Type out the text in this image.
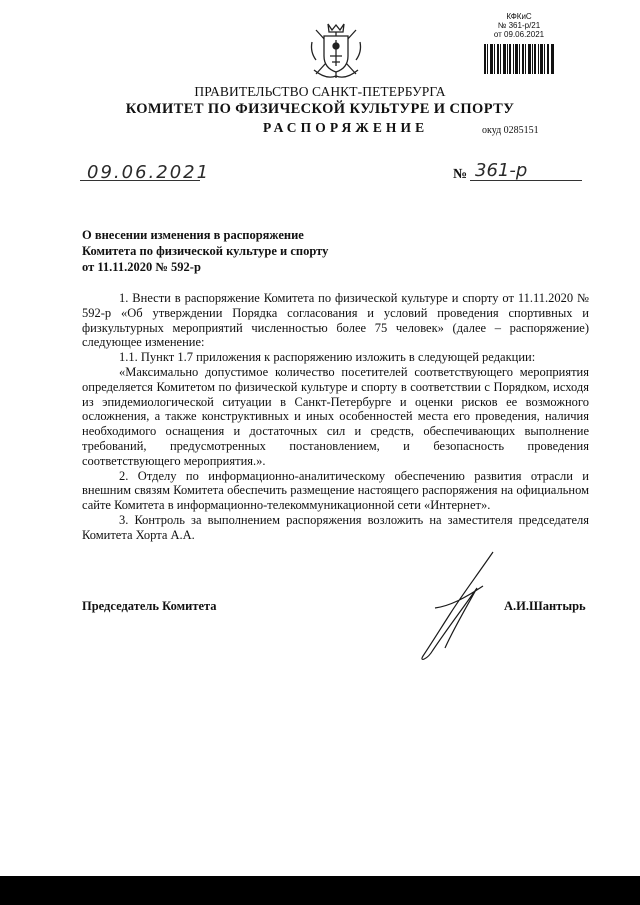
КФКиС
№ 361-р/21
от 09.06.2021
ПРАВИТЕЛЬСТВО САНКТ-ПЕТЕРБУРГА
КОМИТЕТ ПО ФИЗИЧЕСКОЙ КУЛЬТУРЕ И СПОРТУ
РАСПОРЯЖЕНИЕ	окуд 0285151
09.06.2021	№ 361-р
О внесении изменения в распоряжение
Комитета по физической культуре и спорту
от 11.11.2020 № 592-р

1. Внести в распоряжение Комитета по физической культуре и спорту от 11.11.2020 № 592-р «Об утверждении Порядка согласования и условий проведения спортивных и физкультурных мероприятий численностью более 75 человек» (далее – распоряжение) следующее изменение:

1.1. Пункт 1.7 приложения к распоряжению изложить в следующей редакции:

«Максимально допустимое количество посетителей соответствующего мероприятия определяется Комитетом по физической культуре и спорту в соответствии с Порядком, исходя из эпидемиологической ситуации в Санкт-Петербурге и оценки рисков ее возможного осложнения, а также конструктивных и иных особенностей места его проведения, наличия необходимого оснащения и достаточных сил и средств, обеспечивающих выполнение требований, предусмотренных постановлением, и безопасность проведения соответствующего мероприятия.».

2. Отделу по информационно-аналитическому обеспечению развития отрасли и внешним связям Комитета обеспечить размещение настоящего распоряжения на официальном сайте Комитета в информационно-телекоммуникационной сети «Интернет».

3. Контроль за выполнением распоряжения возложить на заместителя председателя Комитета Хорта А.А.

Председатель Комитета	А.И.Шантырь
